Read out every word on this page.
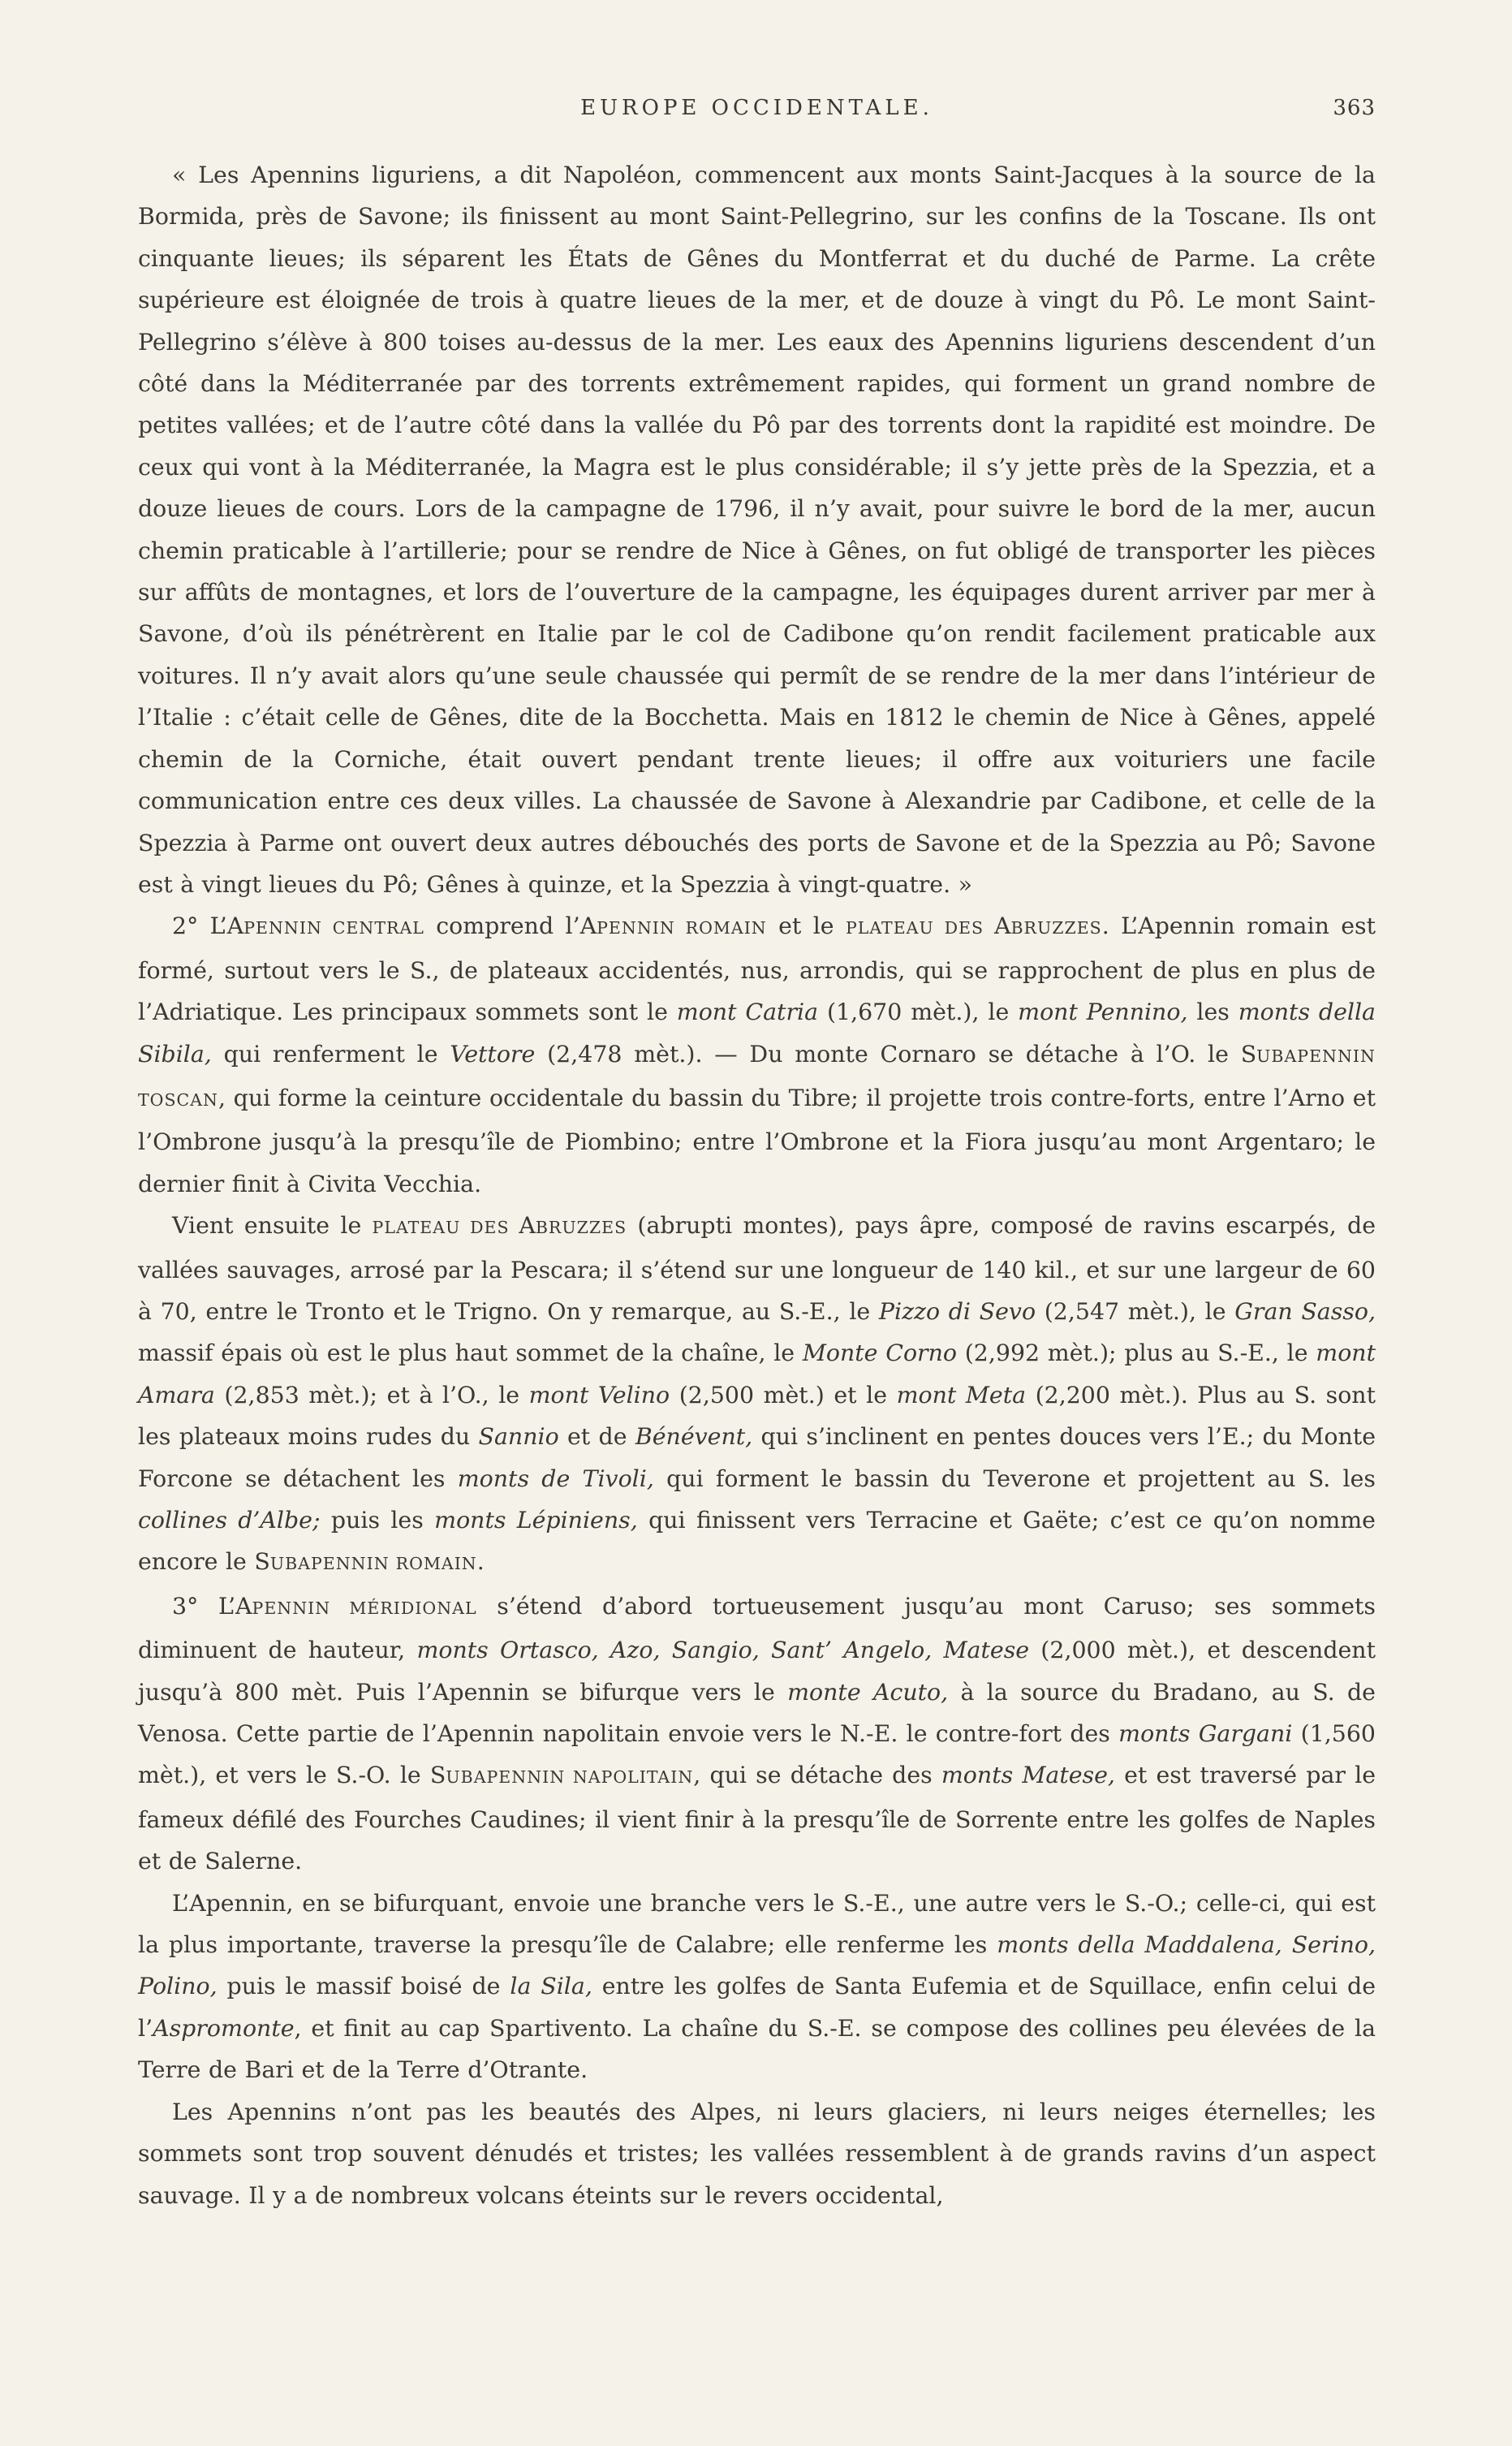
EUROPE OCCIDENTALE.	363

« Les Apennins liguriens, a dit Napoléon, commencent aux monts Saint-Jacques à la source de la Bormida, près de Savone; ils finissent au mont Saint-Pellegrino, sur les confins de la Toscane. Ils ont cinquante lieues; ils séparent les États de Gênes du Montferrat et du duché de Parme. La crête supérieure est éloignée de trois à quatre lieues de la mer, et de douze à vingt du Pô. Le mont Saint-Pellegrino s’élève à 800 toises au-dessus de la mer. Les eaux des Apennins liguriens descendent d’un côté dans la Méditerranée par des torrents extrêmement rapides, qui forment un grand nombre de petites vallées; et de l’autre côté dans la vallée du Pô par des torrents dont la rapidité est moindre. De ceux qui vont à la Méditerranée, la Magra est le plus considérable; il s’y jette près de la Spezzia, et a douze lieues de cours. Lors de la campagne de 1796, il n’y avait, pour suivre le bord de la mer, aucun chemin praticable à l’artillerie; pour se rendre de Nice à Gênes, on fut obligé de transporter les pièces sur affûts de montagnes, et lors de l’ouverture de la campagne, les équipages durent arriver par mer à Savone, d’où ils pénétrèrent en Italie par le col de Cadibone qu’on rendit facilement praticable aux voitures. Il n’y avait alors qu’une seule chaussée qui permît de se rendre de la mer dans l’intérieur de l’Italie : c’était celle de Gênes, dite de la Bocchetta. Mais en 1812 le chemin de Nice à Gênes, appelé chemin de la Corniche, était ouvert pendant trente lieues; il offre aux voituriers une facile communication entre ces deux villes. La chaussée de Savone à Alexandrie par Cadibone, et celle de la Spezzia à Parme ont ouvert deux autres débouchés des ports de Savone et de la Spezzia au Pô; Savone est à vingt lieues du Pô; Gênes à quinze, et la Spezzia à vingt-quatre. »

2° L’APENNIN CENTRAL comprend l’APENNIN ROMAIN et le PLATEAU DES ABRUZZES. L’Apennin romain est formé, surtout vers le S., de plateaux accidentés, nus, arrondis, qui se rapprochent de plus en plus de l’Adriatique. Les principaux sommets sont le mont Catria (1,670 mèt.), le mont Pennino, les monts della Sibila, qui renferment le Vettore (2,478 mèt.). — Du monte Cornaro se détache à l’O. le SUBAPENNIN TOSCAN, qui forme la ceinture occidentale du bassin du Tibre; il projette trois contre-forts, entre l’Arno et l’Ombrone jusqu’à la presqu’île de Piombino; entre l’Ombrone et la Fiora jusqu’au mont Argentaro; le dernier finit à Civita Vecchia.

Vient ensuite le PLATEAU DES ABRUZZES (abrupti montes), pays âpre, composé de ravins escarpés, de vallées sauvages, arrosé par la Pescara; il s’étend sur une longueur de 140 kil., et sur une largeur de 60 à 70, entre le Tronto et le Trigno. On y remarque, au S.-E., le Pizzo di Sevo (2,547 mèt.), le Gran Sasso, massif épais où est le plus haut sommet de la chaîne, le Monte Corno (2,992 mèt.); plus au S.-E., le mont Amara (2,853 mèt.); et à l’O., le mont Velino (2,500 mèt.) et le mont Meta (2,200 mèt.). Plus au S. sont les plateaux moins rudes du Sannio et de Bénévent, qui s’inclinent en pentes douces vers l’E.; du Monte Forcone se détachent les monts de Tivoli, qui forment le bassin du Teverone et projettent au S. les collines d’Albe; puis les monts Lépiniens, qui finissent vers Terracine et Gaëte; c’est ce qu’on nomme encore le SUBAPENNIN ROMAIN.

3° L’APENNIN MÉRIDIONAL s’étend d’abord tortueusement jusqu’au mont Caruso; ses sommets diminuent de hauteur, monts Ortasco, Azo, Sangio, Sant’ Angelo, Matese (2,000 mèt.), et descendent jusqu’à 800 mèt. Puis l’Apennin se bifurque vers le monte Acuto, à la source du Bradano, au S. de Venosa. Cette partie de l’Apennin napolitain envoie vers le N.-E. le contre-fort des monts Gargani (1,560 mèt.), et vers le S.-O. le SUBAPENNIN NAPOLITAIN, qui se détache des monts Matese, et est traversé par le fameux défilé des Fourches Caudines; il vient finir à la presqu’île de Sorrente entre les golfes de Naples et de Salerne.

L’Apennin, en se bifurquant, envoie une branche vers le S.-E., une autre vers le S.-O.; celle-ci, qui est la plus importante, traverse la presqu’île de Calabre; elle renferme les monts della Maddalena, Serino, Polino, puis le massif boisé de la Sila, entre les golfes de Santa Eufemia et de Squillace, enfin celui de l’Aspromonte, et finit au cap Spartivento. La chaîne du S.-E. se compose des collines peu élevées de la Terre de Bari et de la Terre d’Otrante.

Les Apennins n’ont pas les beautés des Alpes, ni leurs glaciers, ni leurs neiges éternelles; les sommets sont trop souvent dénudés et tristes; les vallées ressemblent à de grands ravins d’un aspect sauvage. Il y a de nombreux volcans éteints sur le revers occidental,
